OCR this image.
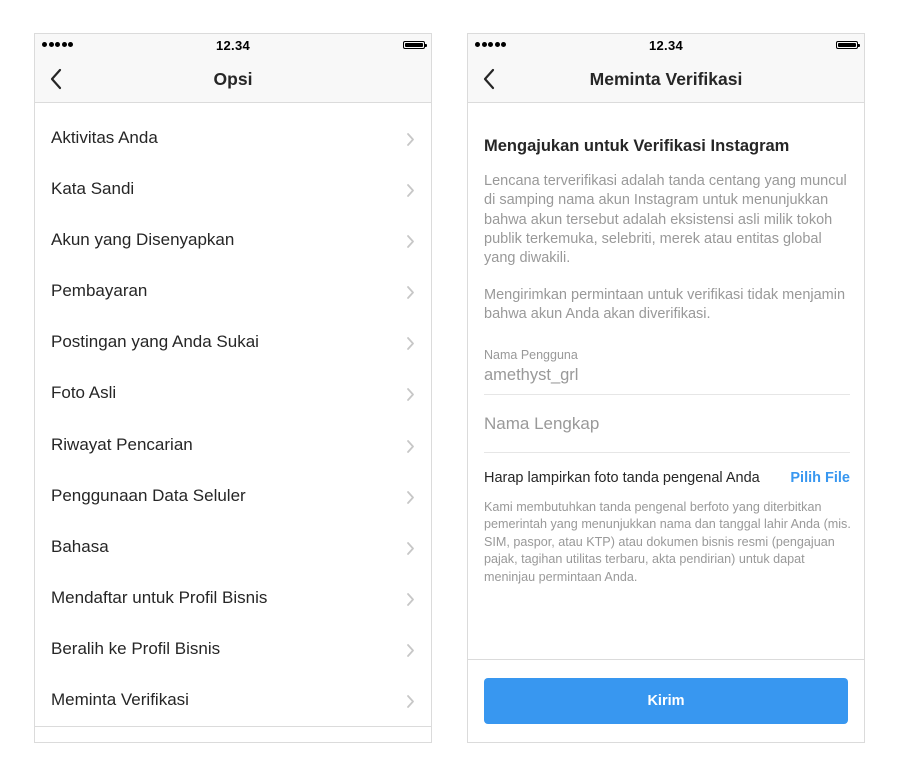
12.34
Opsi
Aktivitas Anda
Kata Sandi
Akun yang Disenyapkan
Pembayaran
Postingan yang Anda Sukai
Foto Asli
Riwayat Pencarian
Penggunaan Data Seluler
Bahasa
Mendaftar untuk Profil Bisnis
Beralih ke Profil Bisnis
Meminta Verifikasi
12.34
Meminta Verifikasi
Mengajukan untuk Verifikasi Instagram
Lencana terverifikasi adalah tanda centang yang muncul di samping nama akun Instagram untuk menunjukkan bahwa akun tersebut adalah eksistensi asli milik tokoh publik terkemuka, selebriti, merek atau entitas global yang diwakili.
Mengirimkan permintaan untuk verifikasi tidak menjamin bahwa akun Anda akan diverifikasi.
Nama Pengguna
amethyst_grl
Nama Lengkap
Harap lampirkan foto tanda pengenal Anda Pilih File
Kami membutuhkan tanda pengenal berfoto yang diterbitkan pemerintah yang menunjukkan nama dan tanggal lahir Anda (mis. SIM, paspor, atau KTP) atau dokumen bisnis resmi (pengajuan pajak, tagihan utilitas terbaru, akta pendirian) untuk dapat meninjau permintaan Anda.
Kirim
